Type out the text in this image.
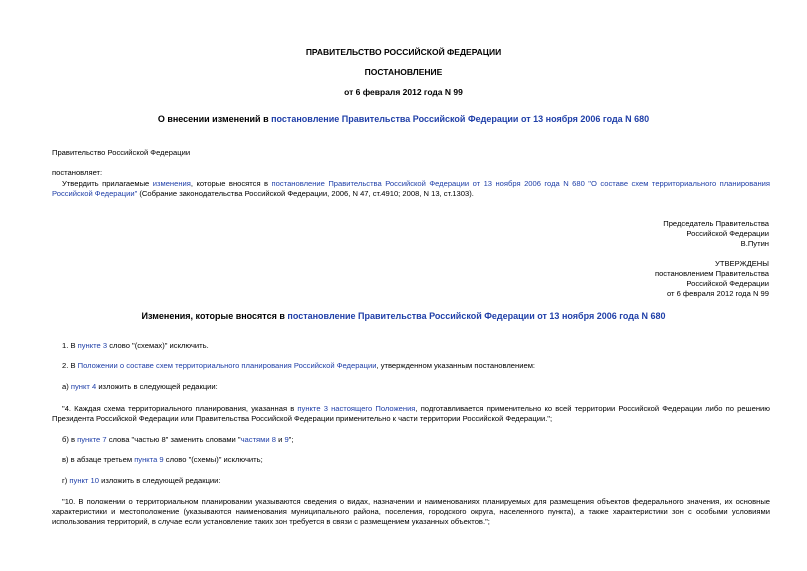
ПРАВИТЕЛЬСТВО РОССИЙСКОЙ ФЕДЕРАЦИИ
ПОСТАНОВЛЕНИЕ
от 6 февраля 2012 года N 99
О внесении изменений в постановление Правительства Российской Федерации от 13 ноября 2006 года N 680
Правительство Российской Федерации
постановляет:
Утвердить прилагаемые изменения, которые вносятся в постановление Правительства Российской Федерации от 13 ноября 2006 года N 680 "О составе схем территориального планирования Российской Федерации" (Собрание законодательства Российской Федерации, 2006, N 47, ст.4910; 2008, N 13, ст.1303).
Председатель Правительства
Российской Федерации
В.Путин
УТВЕРЖДЕНЫ
постановлением Правительства
Российской Федерации
от 6 февраля 2012 года N 99
Изменения, которые вносятся в постановление Правительства Российской Федерации от 13 ноября 2006 года N 680
1. В пункте 3 слово "(схемах)" исключить.
2. В Положении о составе схем территориального планирования Российской Федерации, утвержденном указанным постановлением:
а) пункт 4 изложить в следующей редакции:
"4. Каждая схема территориального планирования, указанная в пункте 3 настоящего Положения, подготавливается применительно ко всей территории Российской Федерации либо по решению Президента Российской Федерации или Правительства Российской Федерации применительно к части территории Российской Федерации.";
б) в пункте 7 слова "частью 8" заменить словами "частями 8 и 9";
в) в абзаце третьем пункта 9 слово "(схемы)" исключить;
г) пункт 10 изложить в следующей редакции:
"10. В положении о территориальном планировании указываются сведения о видах, назначении и наименованиях планируемых для размещения объектов федерального значения, их основные характеристики и местоположение (указываются наименования муниципального района, поселения, городского округа, населенного пункта), а также характеристики зон с особыми условиями использования территорий, в случае если установление таких зон требуется в связи с размещением указанных объектов.";
